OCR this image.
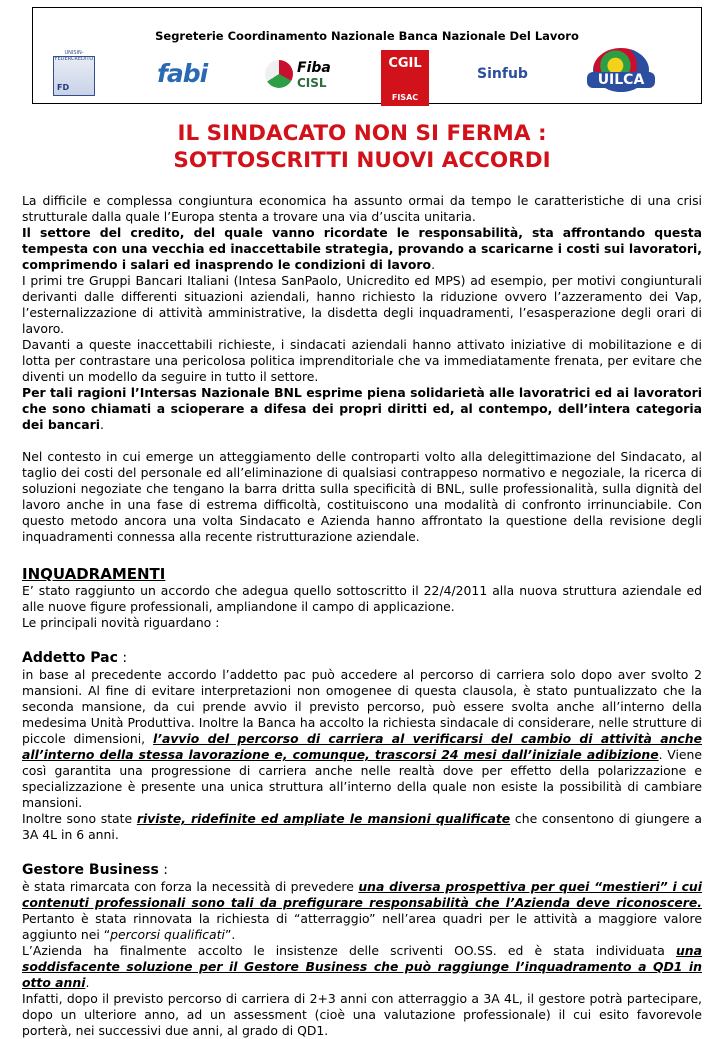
Segreterie Coordinamento Nazionale Banca Nazionale Del Lavoro
UNISIN-FEDERCREDITO
FD	fabi	Fiba
CISL
CGIL
FISAC
Sinfub	UILCA
IL SINDACATO NON SI FERMA :
SOTTOSCRITTI NUOVI ACCORDI

La difficile e complessa congiuntura economica ha assunto ormai da tempo le caratteristiche di una crisi strutturale dalla quale l’Europa stenta a trovare una via d’uscita unitaria.

Il settore del credito, del quale vanno ricordate le responsabilità, sta affrontando questa tempesta con una vecchia ed inaccettabile strategia, provando a scaricarne i costi sui lavoratori, comprimendo i salari ed inasprendo le condizioni di lavoro.

I primi tre Gruppi Bancari Italiani (Intesa SanPaolo, Unicredito ed MPS) ad esempio, per motivi congiunturali derivanti dalle differenti situazioni aziendali, hanno richiesto la riduzione ovvero l’azzeramento dei Vap, l’esternalizzazione di attività amministrative, la disdetta degli inquadramenti, l’esasperazione degli orari di lavoro.

Davanti a queste inaccettabili richieste, i sindacati aziendali hanno attivato iniziative di mobilitazione e di lotta per contrastare una pericolosa politica imprenditoriale che va immediatamente frenata, per evitare che diventi un modello da seguire in tutto il settore.

Per tali ragioni l’Intersas Nazionale BNL esprime piena solidarietà alle lavoratrici ed ai lavoratori che sono chiamati a scioperare a difesa dei propri diritti ed, al contempo, dell’intera categoria dei bancari.

Nel contesto in cui emerge un atteggiamento delle controparti volto alla delegittimazione del Sindacato, al taglio dei costi del personale ed all’eliminazione di qualsiasi contrappeso normativo e negoziale, la ricerca di soluzioni negoziate che tengano la barra dritta sulla specificità di BNL, sulle professionalità, sulla dignità del lavoro anche in una fase di estrema difficoltà, costituiscono una modalità di confronto irrinunciabile. Con questo metodo ancora una volta Sindacato e Azienda hanno affrontato la questione della revisione degli inquadramenti connessa alla recente ristrutturazione aziendale.

INQUADRAMENTI

E’ stato raggiunto un accordo che adegua quello sottoscritto il 22/4/2011 alla nuova struttura aziendale ed alle nuove figure professionali, ampliandone il campo di applicazione.

Le principali novità riguardano :

Addetto Pac :

in base al precedente accordo l’addetto pac può accedere al percorso di carriera solo dopo aver svolto 2 mansioni. Al fine di evitare interpretazioni non omogenee di questa clausola, è stato puntualizzato che la seconda mansione, da cui prende avvio il previsto percorso, può essere svolta anche all’interno della medesima Unità Produttiva. Inoltre la Banca ha accolto la richiesta sindacale di considerare, nelle strutture di piccole dimensioni, l’avvio del percorso di carriera al verificarsi del cambio di attività anche all’interno della stessa lavorazione e, comunque, trascorsi 24 mesi dall’iniziale adibizione. Viene così garantita una progressione di carriera anche nelle realtà dove per effetto della polarizzazione e specializzazione è presente una unica struttura all’interno della quale non esiste la possibilità di cambiare mansioni.

Inoltre sono state riviste, ridefinite ed ampliate le mansioni qualificate che consentono di giungere a 3A 4L in 6 anni.

Gestore Business :

è stata rimarcata con forza la necessità di prevedere una diversa prospettiva per quei “mestieri” i cui contenuti professionali sono tali da prefigurare responsabilità che l’Azienda deve riconoscere. Pertanto è stata rinnovata la richiesta di “atterraggio” nell’area quadri per le attività a maggiore valore aggiunto nei “percorsi qualificati”.

L’Azienda ha finalmente accolto le insistenze delle scriventi OO.SS. ed è stata individuata una soddisfacente soluzione per il Gestore Business che può raggiunge l’inquadramento a QD1 in otto anni.

Infatti, dopo il previsto percorso di carriera di 2+3 anni con atterraggio a 3A 4L, il gestore potrà partecipare, dopo un ulteriore anno, ad un assessment (cioè una valutazione professionale) il cui esito favorevole porterà, nei successivi due anni, al grado di QD1.
